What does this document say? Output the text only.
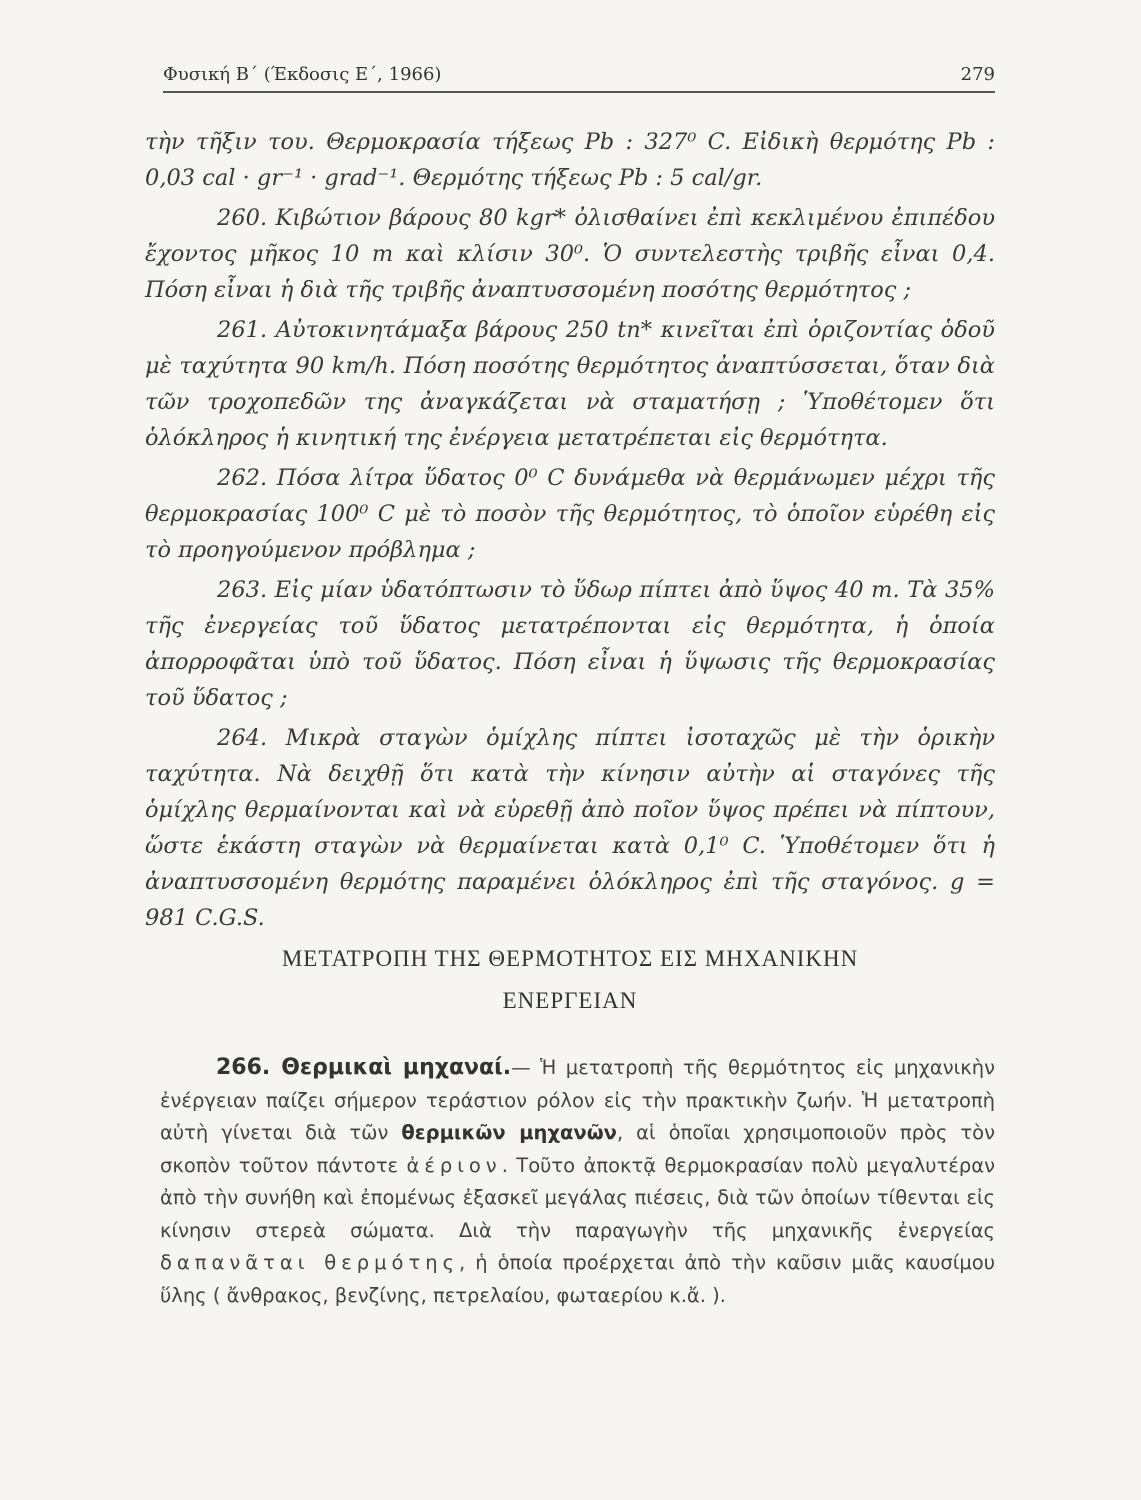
Φυσική Β΄ (Έκδοσις Ε΄, 1966)	279

τὴν τῆξιν του. Θερμοκρασία τήξεως Pb : 327⁰ C. Εἰδικὴ θερμότης Pb : 0,03 cal · gr⁻¹ · grad⁻¹. Θερμότης τήξεως Pb : 5 cal/gr.

260. Κιβώτιον βάρους 80 kgr* ὀλισθαίνει ἐπὶ κεκλιμένου ἐπιπέδου ἔχοντος μῆκος 10 m καὶ κλίσιν 30⁰. Ὁ συντελεστὴς τριβῆς εἶναι 0,4. Πόση εἶναι ἡ διὰ τῆς τριβῆς ἀναπτυσσομένη ποσότης θερμότητος ;

261. Αὐτοκινητάμαξα βάρους 250 tn* κινεῖται ἐπὶ ὁριζοντίας ὁδοῦ μὲ ταχύτητα 90 km/h. Πόση ποσότης θερμότητος ἀναπτύσσεται, ὅταν διὰ τῶν τροχοπεδῶν της ἀναγκάζεται νὰ σταματήσῃ ; Ὑποθέτομεν ὅτι ὁλόκληρος ἡ κινητική της ἐνέργεια μετατρέπεται εἰς θερμότητα.

262. Πόσα λίτρα ὕδατος 0⁰ C δυνάμεθα νὰ θερμάνωμεν μέχρι τῆς θερμοκρασίας 100⁰ C μὲ τὸ ποσὸν τῆς θερμότητος, τὸ ὁποῖον εὑρέθη εἰς τὸ προηγούμενον πρόβλημα ;

263. Εἰς μίαν ὑδατόπτωσιν τὸ ὕδωρ πίπτει ἀπὸ ὕψος 40 m. Τὰ 35% τῆς ἐνεργείας τοῦ ὕδατος μετατρέπονται εἰς θερμότητα, ἡ ὁποία ἀπορροφᾶται ὑπὸ τοῦ ὕδατος. Πόση εἶναι ἡ ὕψωσις τῆς θερμοκρασίας τοῦ ὕδατος ;

264. Μικρὰ σταγὼν ὁμίχλης πίπτει ἰσοταχῶς μὲ τὴν ὁρικὴν ταχύτητα. Νὰ δειχθῇ ὅτι κατὰ τὴν κίνησιν αὐτὴν αἱ σταγόνες τῆς ὁμίχλης θερμαίνονται καὶ νὰ εὑρεθῇ ἀπὸ ποῖον ὕψος πρέπει νὰ πίπτουν, ὥστε ἑκάστη σταγὼν νὰ θερμαίνεται κατὰ 0,1⁰ C. Ὑποθέτομεν ὅτι ἡ ἀναπτυσσομένη θερμότης παραμένει ὁλόκληρος ἐπὶ τῆς σταγόνος. g = 981 C.G.S.

ΜΕΤΑΤΡΟΠΗ ΤΗΣ ΘΕΡΜΟΤΗΤΟΣ ΕΙΣ ΜΗΧΑΝΙΚΗΝ
ΕΝΕΡΓΕΙΑΝ

266. Θερμικαὶ μηχαναί.— Ἡ μετατροπὴ τῆς θερμότητος εἰς μηχανικὴν ἐνέργειαν παίζει σήμερον τεράστιον ρόλον εἰς τὴν πρακτικὴν ζωήν. Ἡ μετατροπὴ αὐτὴ γίνεται διὰ τῶν θερμικῶν μηχανῶν, αἱ ὁποῖαι χρησιμοποιοῦν πρὸς τὸν σκοπὸν τοῦτον πάντοτε ἀέριον. Τοῦτο ἀποκτᾷ θερμοκρασίαν πολὺ μεγαλυτέραν ἀπὸ τὴν συνήθη καὶ ἐπομένως ἐξασκεῖ μεγάλας πιέσεις, διὰ τῶν ὁποίων τίθενται εἰς κίνησιν στερεὰ σώματα. Διὰ τὴν παραγωγὴν τῆς μηχανικῆς ἐνεργείας δαπανᾶται θερμότης, ἡ ὁποία προέρχεται ἀπὸ τὴν καῦσιν μιᾶς καυσίμου ὕλης ( ἄνθρακος, βενζίνης, πετρελαίου, φωταερίου κ.ἄ. ).
